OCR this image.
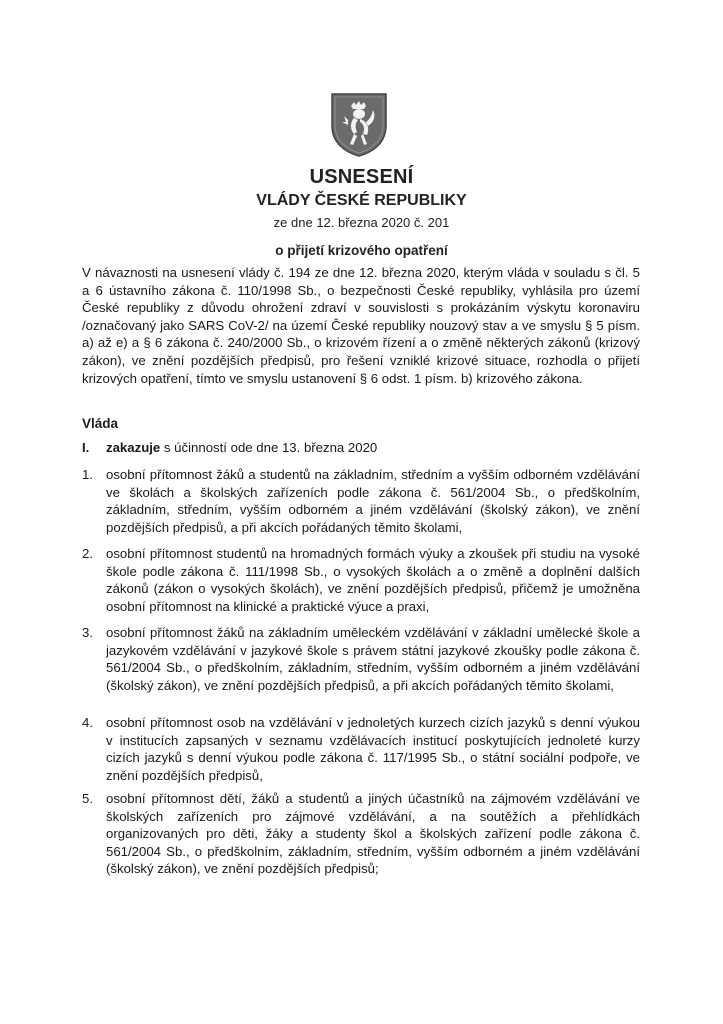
USNESENÍ
VLÁDY ČESKÉ REPUBLIKY
ze dne 12. března 2020 č. 201
o přijetí krizového opatření
V návaznosti na usnesení vlády č. 194 ze dne 12. března 2020, kterým vláda v souladu s čl. 5 a 6 ústavního zákona č. 110/1998 Sb., o bezpečnosti České republiky, vyhlásila pro území České republiky z důvodu ohrožení zdraví v souvislosti s prokázáním výskytu koronaviru /označovaný jako SARS CoV-2/ na území České republiky nouzový stav a ve smyslu § 5 písm. a) až e) a § 6 zákona č. 240/2000 Sb., o krizovém řízení a o změně některých zákonů (krizový zákon), ve znění pozdějších předpisů, pro řešení vzniklé krizové situace, rozhodla o přijetí krizových opatření, tímto ve smyslu ustanovení § 6 odst. 1 písm. b) krizového zákona.
Vláda
I. zakazuje s účinností ode dne 13. března 2020
1. osobní přítomnost žáků a studentů na základním, středním a vyšším odborném vzdělávání ve školách a školských zařízeních podle zákona č. 561/2004 Sb., o předškolním, základním, středním, vyšším odborném a jiném vzdělávání (školský zákon), ve znění pozdějších předpisů, a při akcích pořádaných těmito školami,
2. osobní přítomnost studentů na hromadných formách výuky a zkoušek při studiu na vysoké škole podle zákona č. 111/1998 Sb., o vysokých školách a o změně a doplnění dalších zákonů (zákon o vysokých školách), ve znění pozdějších předpisů, přičemž je umožněna osobní přítomnost na klinické a praktické výuce a praxi,
3. osobní přítomnost žáků na základním uměleckém vzdělávání v základní umělecké škole a jazykovém vzdělávání v jazykové škole s právem státní jazykové zkoušky podle zákona č. 561/2004 Sb., o předškolním, základním, středním, vyšším odborném a jiném vzdělávání (školský zákon), ve znění pozdějších předpisů, a při akcích pořádaných těmito školami,
4. osobní přítomnost osob na vzdělávání v jednoletých kurzech cizích jazyků s denní výukou v institucích zapsaných v seznamu vzdělávacích institucí poskytujících jednoleté kurzy cizích jazyků s denní výukou podle zákona č. 117/1995 Sb., o státní sociální podpoře, ve znění pozdějších předpisů,
5. osobní přítomnost dětí, žáků a studentů a jiných účastníků na zájmovém vzdělávání ve školských zařízeních pro zájmové vzdělávání, a na soutěžích a přehlídkách organizovaných pro děti, žáky a studenty škol a školských zařízení podle zákona č. 561/2004 Sb., o předškolním, základním, středním, vyšším odborném a jiném vzdělávání (školský zákon), ve znění pozdějších předpisů;
